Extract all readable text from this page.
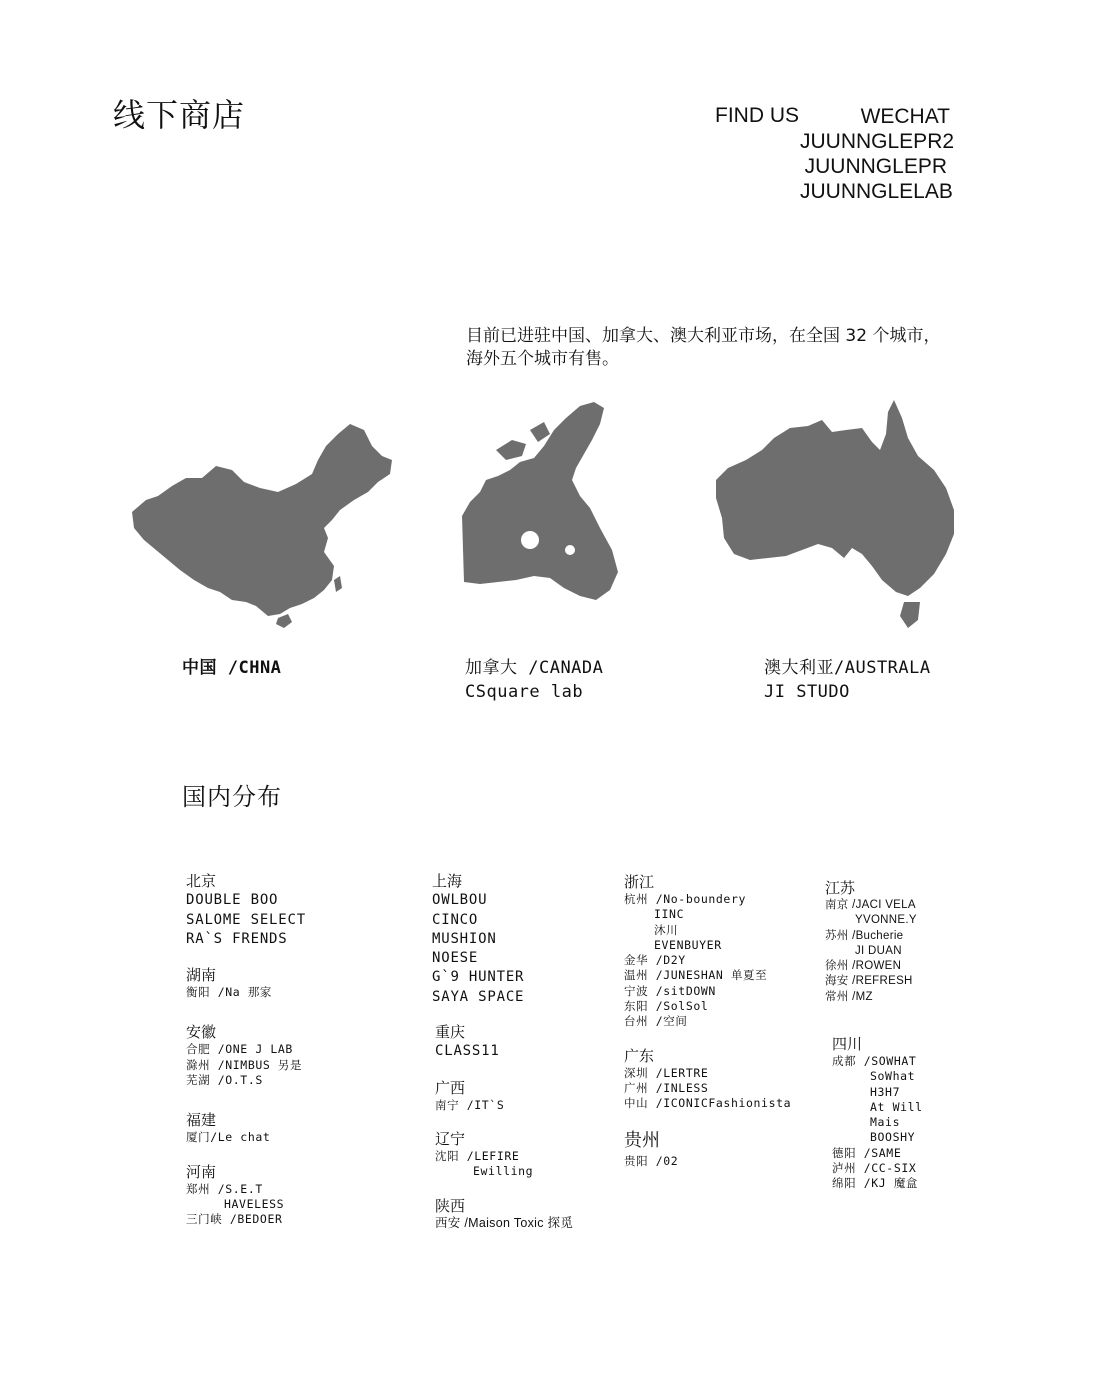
线下商店	FIND US	WECHAT
JUUNNGLEPR2
JUUNNGLEPR
JUUNNGLELAB
目前已进驻中国、加拿大、澳大利亚市场，在全国 32 个城市，
海外五个城市有售。
中国 /CHNA	加拿大 /CANADA
CSquare lab
澳大利亚/AUSTRALA
JI STUDO
国内分布
北京
DOUBLE BOO
SALOME SELECT
RA`S FRENDS
湖南
衡阳 /Na 那家
安徽
合肥 /ONE J LAB
滁州 /NIMBUS 另是
芜湖 /O.T.S
福建
厦门/Le chat
河南
郑州 /S.E.T
HAVELESS
三门峡 /BEDOER
上海
OWLBOU
CINCO
MUSHION
NOESE
G`9 HUNTER
SAYA SPACE
重庆
CLASS11
广西
南宁 /IT`S
辽宁
沈阳 /LEFIRE
Ewilling
陕西
西安 /Maison Toxic 探觅
浙江
杭州 /No-boundery
IINC
沐川
EVENBUYER
金华 /D2Y
温州 /JUNESHAN 单夏至
宁波 /sitDOWN
东阳 /SolSol
台州 /空间
广东
深圳 /LERTRE
广州 /INLESS
中山 /ICONICFashionista
贵州
贵阳 /02
江苏
南京 /JACI VELA
YVONNE.Y
苏州 /Bucherie
JI DUAN
徐州 /ROWEN
海安 /REFRESH
常州 /MZ
四川
成都 /SOWHAT
SoWhat
H3H7
At Will
Mais
BOOSHY
德阳 /SAME
泸州 /CC-SIX
绵阳 /KJ 魔盒
